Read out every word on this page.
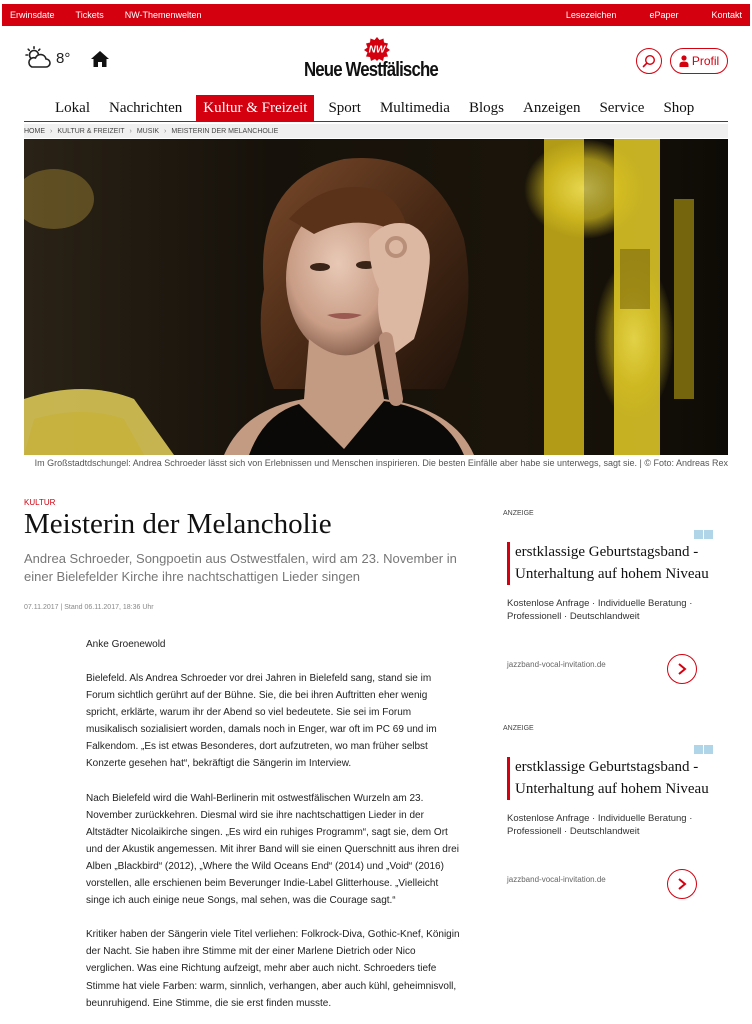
Erwinsdate Tickets NW-Themenwelten	Lesezeichen	ePaper	Kontakt
8°	NW
Neue Westfälische	Profil
Lokal	Nachrichten	Kultur & Freizeit	Sport	Multimedia	Blogs	Anzeigen	Service	Shop
HOME › KULTUR & FREIZEIT › MUSIK › MEISTERIN DER MELANCHOLIE
Im Großstadtdschungel: Andrea Schroeder lässt sich von Erlebnissen und Menschen inspirieren. Die besten Einfälle aber habe sie unterwegs, sagt sie. | © Foto: Andreas Rex
KULTUR
Meisterin der Melancholie
Andrea Schroeder, Songpoetin aus Ostwestfalen, wird am 23. November in einer Bielefelder Kirche ihre nachtschattigen Lieder singen
07.11.2017 | Stand 06.11.2017, 18:36 Uhr
Anke Groenewold

Bielefeld. Als Andrea Schroeder vor drei Jahren in Bielefeld sang, stand sie im Forum sichtlich gerührt auf der Bühne. Sie, die bei ihren Auftritten eher wenig spricht, erklärte, warum ihr der Abend so viel bedeutete. Sie sei im Forum musikalisch sozialisiert worden, damals noch in Enger, war oft im PC 69 und im Falkendom. „Es ist etwas Besonderes, dort aufzutreten, wo man früher selbst Konzerte gesehen hat“, bekräftigt die Sängerin im Interview.

Nach Bielefeld wird die Wahl-Berlinerin mit ostwestfälischen Wurzeln am 23. November zurückkehren. Diesmal wird sie ihre nachtschattigen Lieder in der Altstädter Nicolaikirche singen. „Es wird ein ruhiges Programm“, sagt sie, dem Ort und der Akustik angemessen. Mit ihrer Band will sie einen Querschnitt aus ihren drei Alben „Blackbird“ (2012), „Where the Wild Oceans End“ (2014) und „Void“ (2016) vorstellen, alle erschienen beim Beverunger Indie-Label Glitterhouse. „Vielleicht singe ich auch einige neue Songs, mal sehen, was die Courage sagt.“

Kritiker haben der Sängerin viele Titel verliehen: Folkrock-Diva, Gothic-Knef, Königin der Nacht. Sie haben ihre Stimme mit der einer Marlene Dietrich oder Nico verglichen. Was eine Richtung aufzeigt, mehr aber auch nicht. Schroeders tiefe Stimme hat viele Farben: warm, sinnlich, verhangen, aber auch kühl, geheimnisvoll, beunruhigend. Eine Stimme, die sie erst finden musste.

ANZEIGE
erstklassige Geburtstagsband - Unterhaltung auf hohem Niveau
Kostenlose Anfrage · Individuelle Beratung · Professionell · Deutschlandweit
jazzband-vocal-invitation.de
ANZEIGE
erstklassige Geburtstagsband - Unterhaltung auf hohem Niveau
Kostenlose Anfrage · Individuelle Beratung · Professionell · Deutschlandweit
jazzband-vocal-invitation.de
